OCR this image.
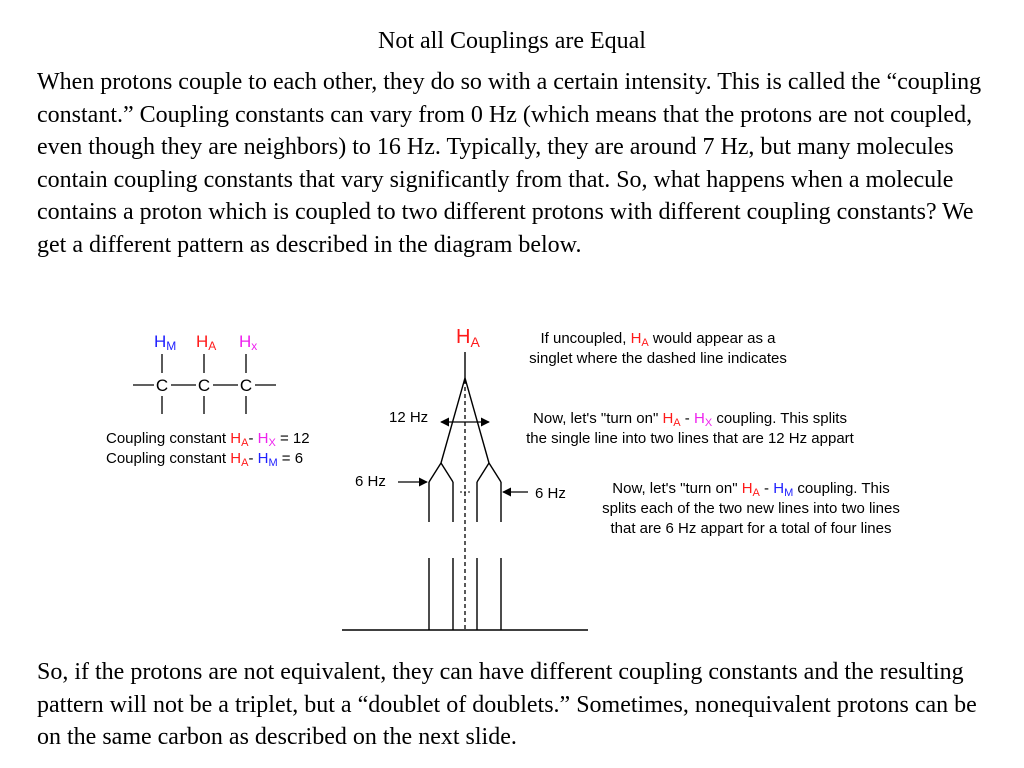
Not all Couplings are Equal

When protons couple to each other, they do so with a certain intensity. This is called the “coupling constant.” Coupling constants can vary from 0 Hz (which means that the protons are not coupled, even though they are neighbors) to 16 Hz. Typically, they are around 7 Hz, but many molecules contain coupling constants that vary significantly from that. So, what happens when a molecule contains a proton which is coupled to two different protons with different coupling constants? We get a different pattern as described in the diagram below.

HM HA Hx
C C C
Coupling constant $H_A-$ $H_X = 12$
Coupling constant $H_A-$ $H_M = 6$
$H_A$
12 Hz
6 Hz
6 Hz
If uncoupled, $H_A$ would appear as a
singlet where the dashed line indicates
Now, let's "turn on" $H_A - H_X$ coupling. This splits
the single line into two lines that are 12 Hz appart
Now, let's "turn on" $H_A - H_M$ coupling. This
splits each of the two new lines into two lines
that are 6 Hz appart for a total of four lines

So, if the protons are not equivalent, they can have different coupling constants and the resulting pattern will not be a triplet, but a “doublet of doublets.” Sometimes, nonequivalent protons can be on the same carbon as described on the next slide.
